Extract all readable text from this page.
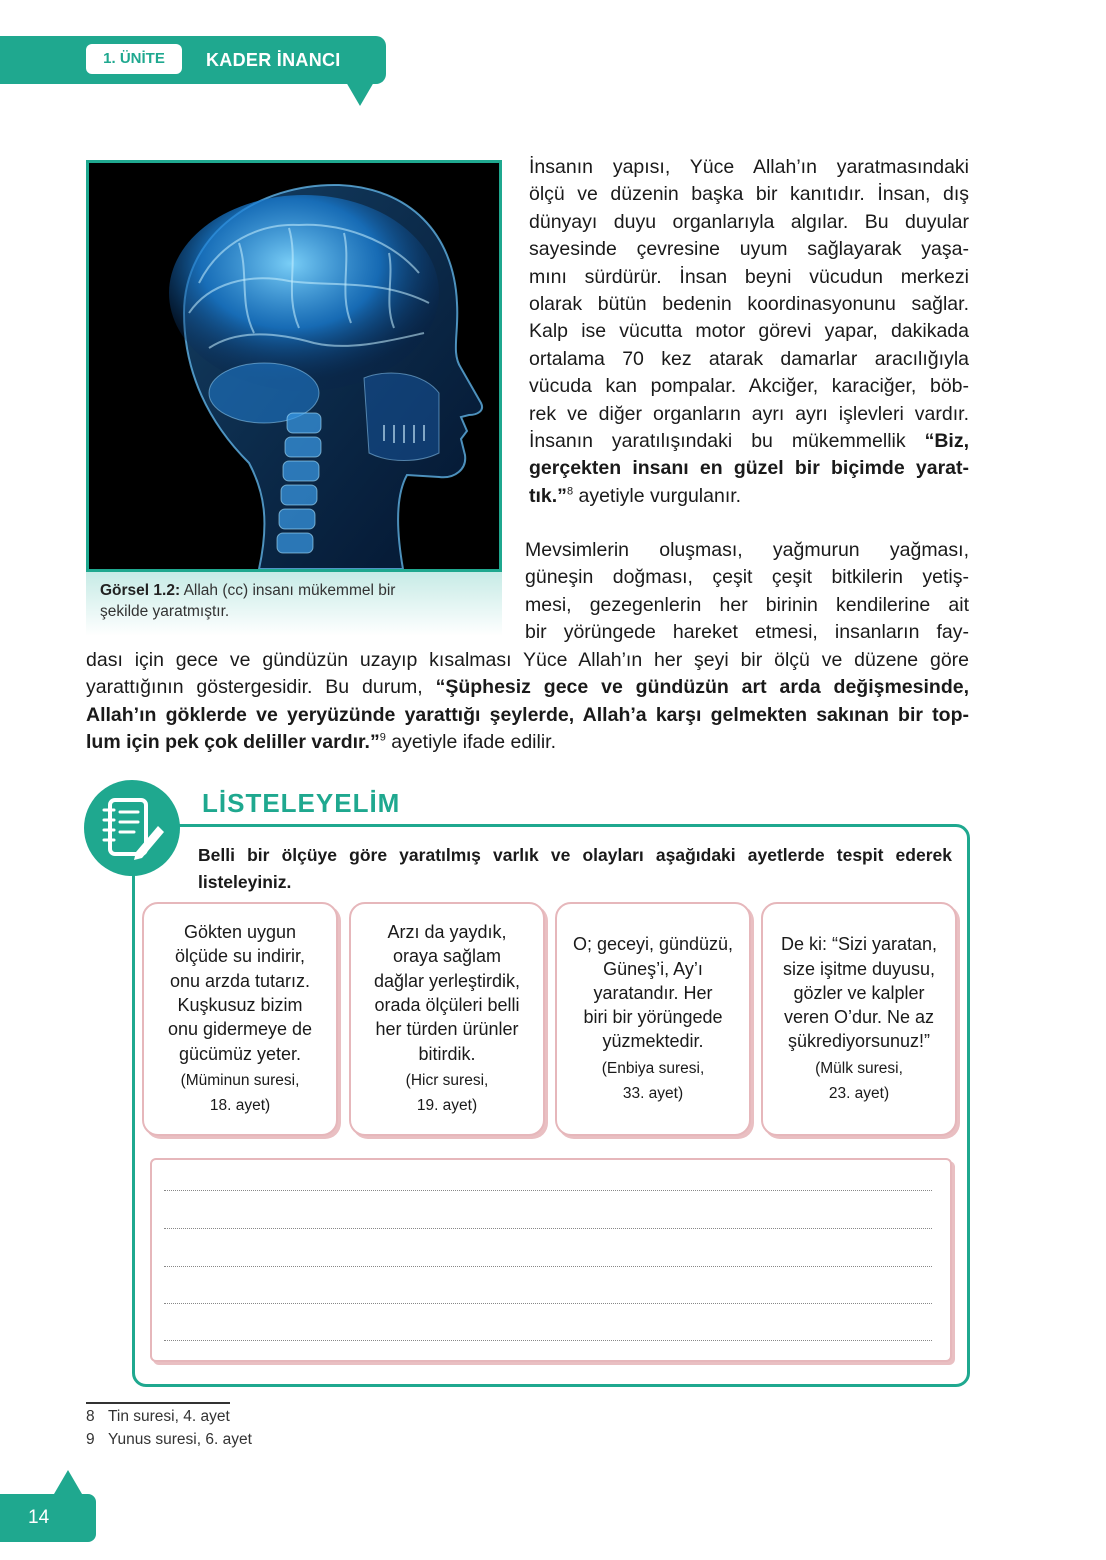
1. ÜNİTE	KADER İNANCI
Görsel 1.2: Allah (cc) insanı mükemmel bir
şekilde yaratmıştır.
İnsanın yapısı, Yüce Allah’ın yaratmasındaki
ölçü ve düzenin başka bir kanıtıdır. İnsan, dış
dünyayı duyu organlarıyla algılar. Bu duyular
sayesinde çevresine uyum sağlayarak yaşa-
mını sürdürür. İnsan beyni vücudun merkezi
olarak bütün bedenin koordinasyonunu sağlar.
Kalp ise vücutta motor görevi yapar, dakikada
ortalama 70 kez atarak damarlar aracılığıyla
vücuda kan pompalar. Akciğer, karaciğer, böb-
rek ve diğer organların ayrı ayrı işlevleri vardır.
İnsanın yaratılışındaki bu mükemmellik “Biz,
gerçekten insanı en güzel bir biçimde yarat-
tık.”$^8$ ayetiyle vurgulanır.
Mevsimlerin oluşması, yağmurun yağması,
güneşin doğması, çeşit çeşit bitkilerin yetiş-
mesi, gezegenlerin her birinin kendilerine ait
bir yörüngede hareket etmesi, insanların fay-
dası için gece ve gündüzün uzayıp kısalması Yüce Allah’ın her şeyi bir ölçü ve düzene göre
yarattığının göstergesidir. Bu durum, “Şüphesiz gece ve gündüzün art arda değişmesinde,
Allah’ın göklerde ve yeryüzünde yarattığı şeylerde, Allah’a karşı gelmekten sakınan bir top-
lum için pek çok deliller vardır.”$^9$ ayetiyle ifade edilir.
LİSTELEYELİM
Belli bir ölçüye göre yaratılmış varlık ve olayları aşağıdaki ayetlerde tespit ederek
listeleyiniz.
Gökten uygun
ölçüde su indirir,
onu arzda tutarız.
Kuşkusuz bizim
onu gidermeye de
gücümüz yeter.
(Müminun suresi,
18. ayet)
Arzı da yaydık,
oraya sağlam
dağlar yerleştirdik,
orada ölçüleri belli
her türden ürünler
bitirdik.
(Hicr suresi,
19. ayet)
O; geceyi, gündüzü,
Güneş’i, Ay’ı
yaratandır. Her
biri bir yörüngede
yüzmektedir.
(Enbiya suresi,
33. ayet)
De ki: “Sizi yaratan,
size işitme duyusu,
gözler ve kalpler
veren O’dur. Ne az
şükrediyorsunuz!”
(Mülk suresi,
23. ayet)
8 Tin suresi, 4. ayet
9 Yunus suresi, 6. ayet
14
